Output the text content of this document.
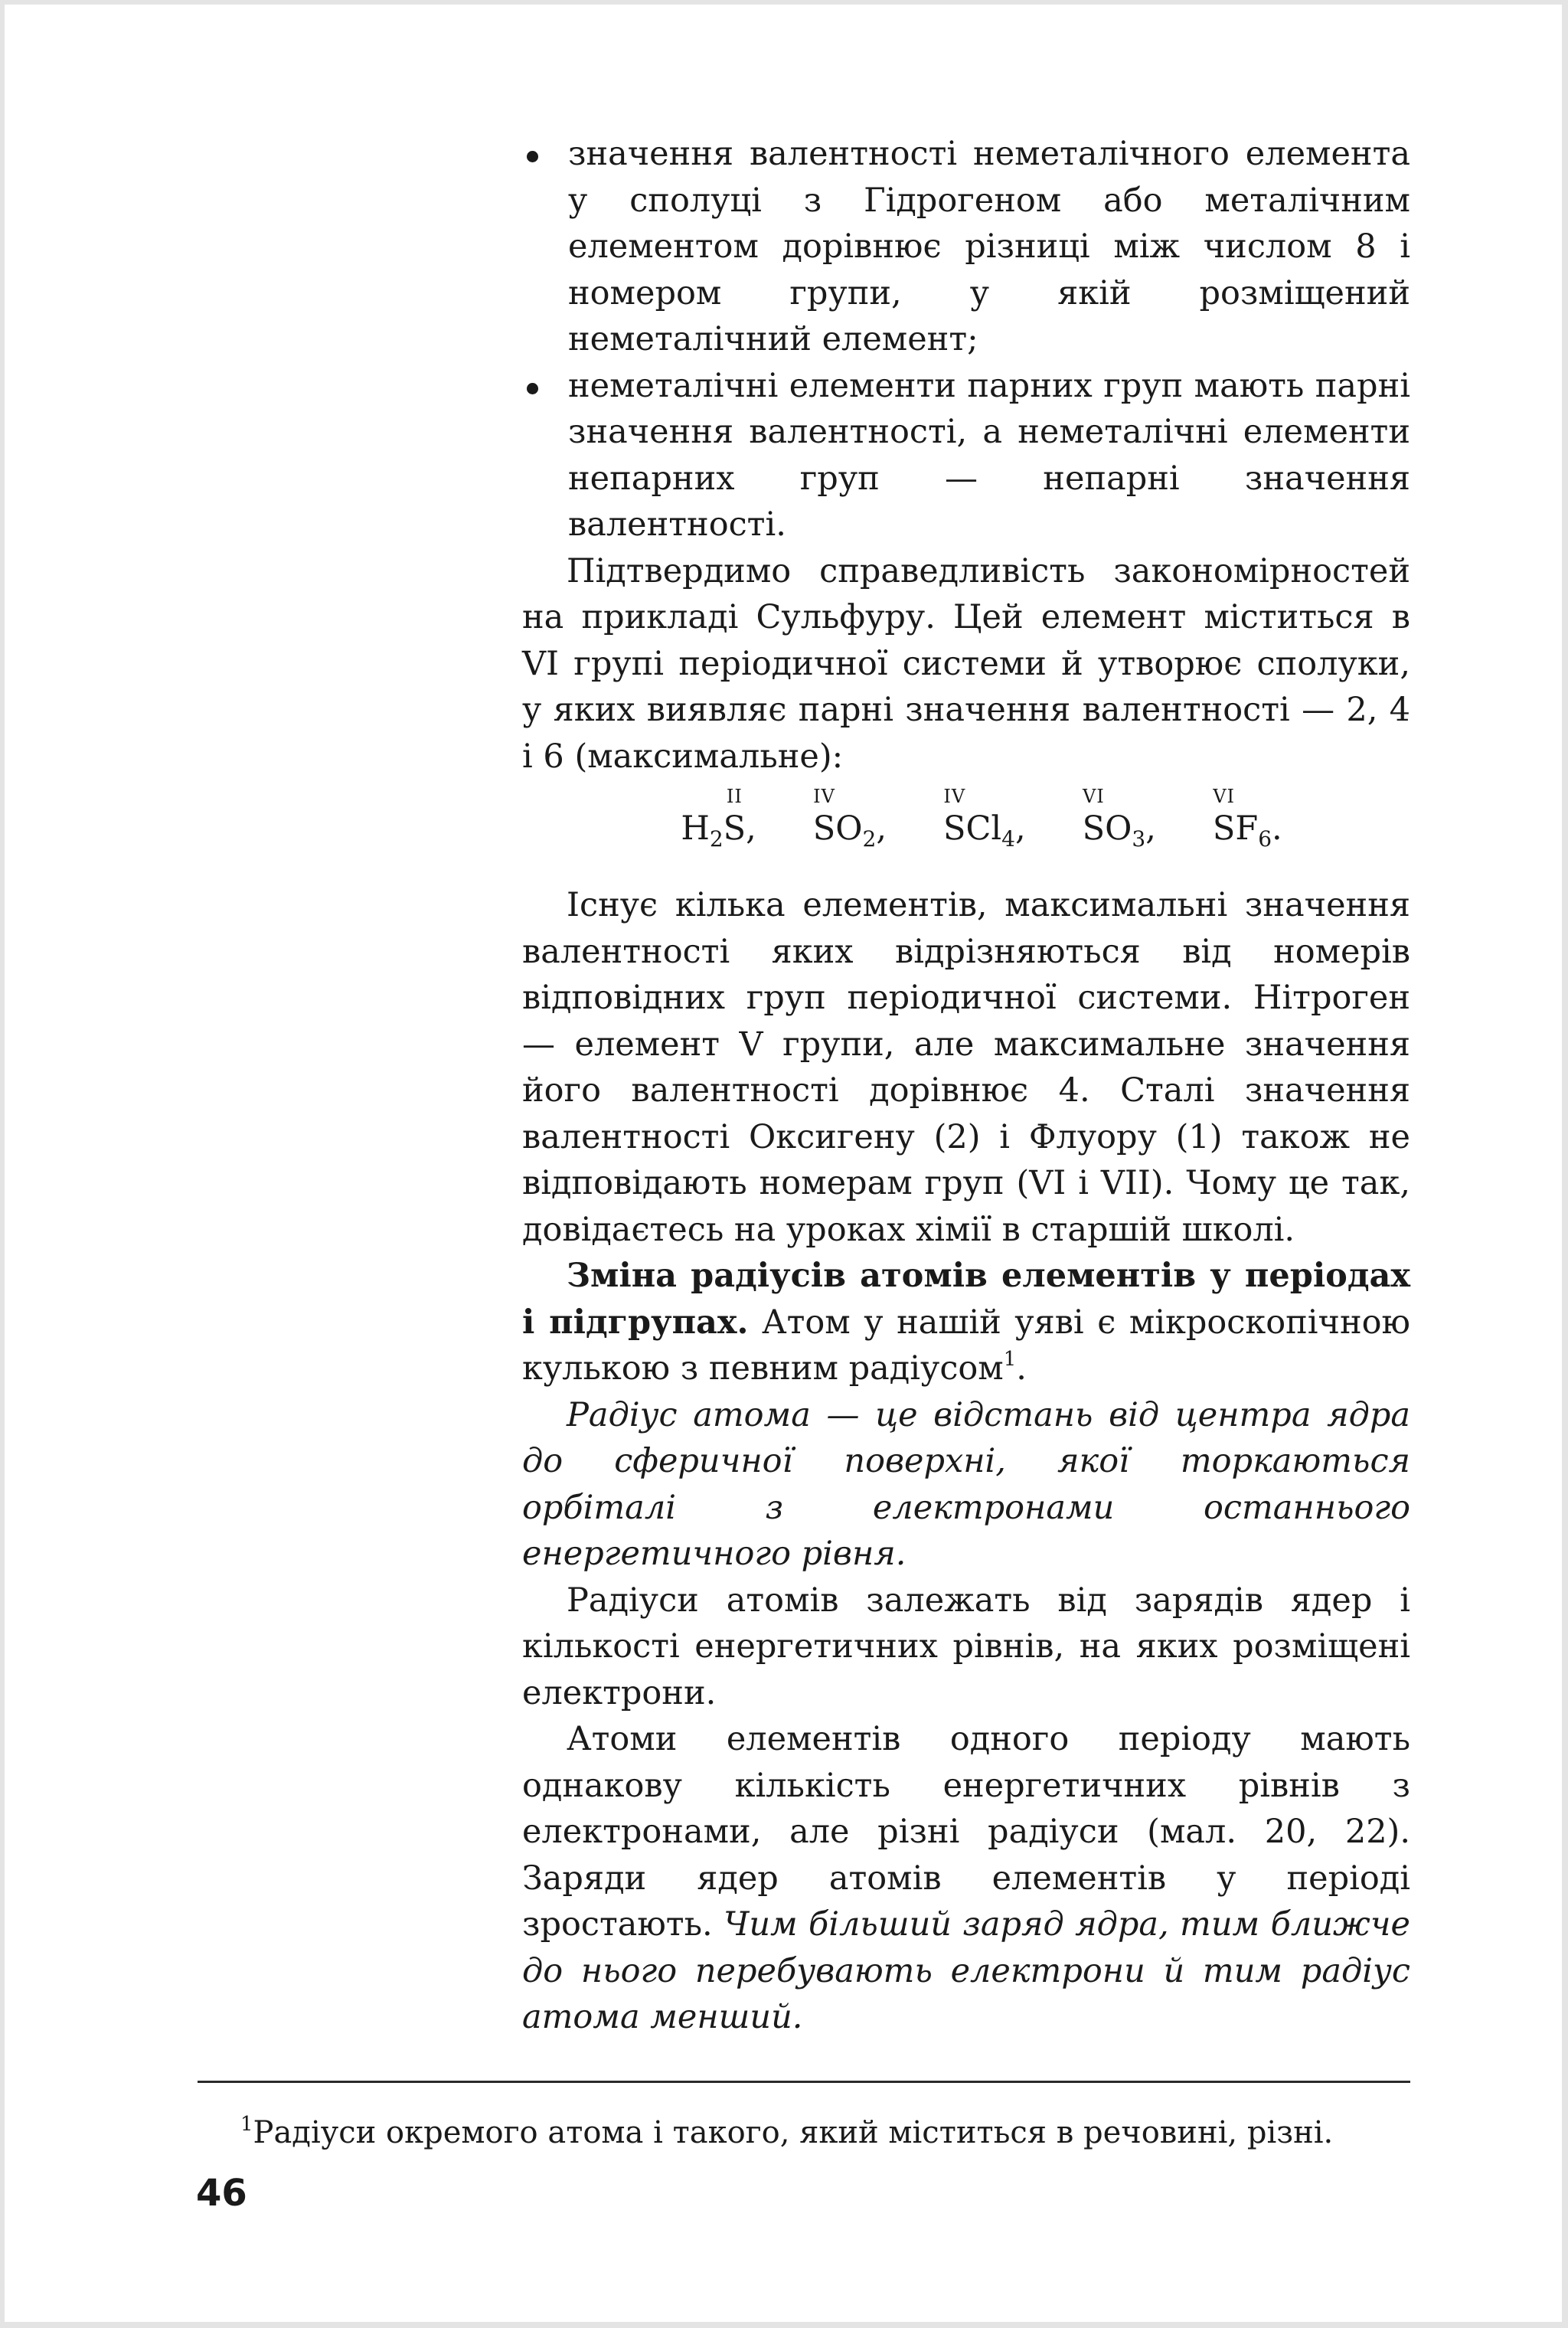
значення валентності неметалічного елемента у сполуці з Гідрогеном або металічним елементом дорівнює різниці між числом 8 і номером групи, у якій розміщений неметалічний елемент;
неметалічні елементи парних груп мають парні значення валентності, а неметалічні елементи непарних груп — непарні значення валентності.

Підтвердимо справедливість закономірностей на прикладі Сульфуру. Цей елемент міститься в VI групі періодичної системи й утворює сполуки, у яких виявляє парні значення валентності — 2, 4 і 6 (максимальне):

$H_2$
II
S,
IV
$SO_2$,
IV
SCl$_4$,
VI
$SO_3$,
VI
$SF_6$.

Існує кілька елементів, максимальні значення валентності яких відрізняються від номерів відповідних груп періодичної системи. Нітроген — елемент V групи, але максимальне значення його валентності дорівнює 4. Сталі значення валентності Оксигену (2) і Флуору (1) також не відповідають номерам груп (VI і VII). Чому це так, довідаєтесь на уроках хімії в старшій школі.

Зміна радіусів атомів елементів у періодах і підгрупах. Атом у нашій уяві є мікроскопічною кулькою з певним радіусом$^1$.

Радіус атома — це відстань від центра ядра до сферичної поверхні, якої торкаються орбіталі з електронами останнього енергетичного рівня.

Радіуси атомів залежать від зарядів ядер і кількості енергетичних рівнів, на яких розміщені електрони.

Атоми елементів одного періоду мають однакову кількість енергетичних рівнів з електронами, але різні радіуси (мал. 20, 22). Заряди ядер атомів елементів у періоді зростають. Чим більший заряд ядра, тим ближче до нього перебувають електрони й тим радіус атома менший.

$^1$Радіуси окремого атома і такого, який міститься в речовині, різні.
46
